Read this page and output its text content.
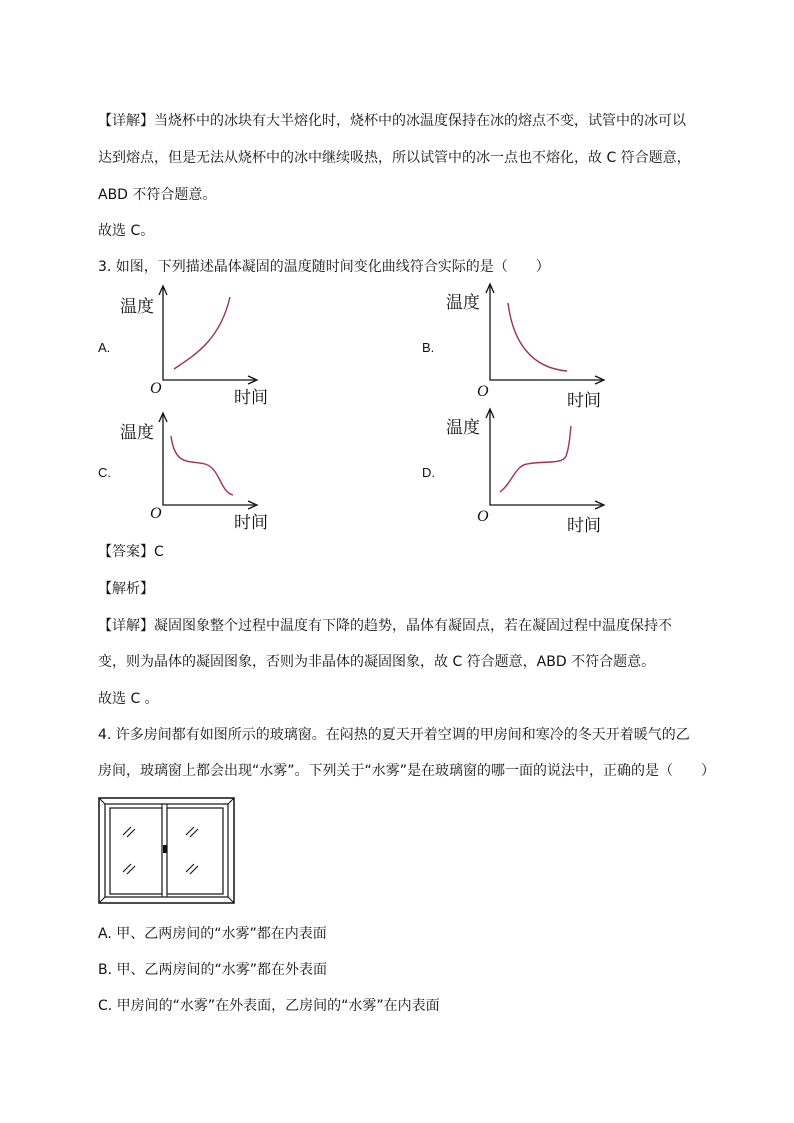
【详解】当烧杯中的冰块有大半熔化时，烧杯中的冰温度保持在冰的熔点不变，试管中的冰可以
达到熔点，但是无法从烧杯中的冰中继续吸热，所以试管中的冰一点也不熔化，故 C 符合题意，
ABD 不符合题意。
故选 C。
3. 如图，下列描述晶体凝固的温度随时间变化曲线符合实际的是（　　）
A.
温度
时间
O
B.
温度
时间
O
C.
温度
时间
O
D.
温度
时间
O
【答案】C
【解析】
【详解】凝固图象整个过程中温度有下降的趋势，晶体有凝固点，若在凝固过程中温度保持不
变，则为晶体的凝固图象，否则为非晶体的凝固图象，故 C 符合题意，ABD 不符合题意。
故选 C 。
4. 许多房间都有如图所示的玻璃窗。在闷热的夏天开着空调的甲房间和寒冷的冬天开着暖气的乙
房间，玻璃窗上都会出现“水雾”。下列关于“水雾”是在玻璃窗的哪一面的说法中，正确的是（　　）
A. 甲、乙两房间的“水雾”都在内表面
B. 甲、乙两房间的“水雾”都在外表面
C. 甲房间的“水雾”在外表面，乙房间的“水雾”在内表面
